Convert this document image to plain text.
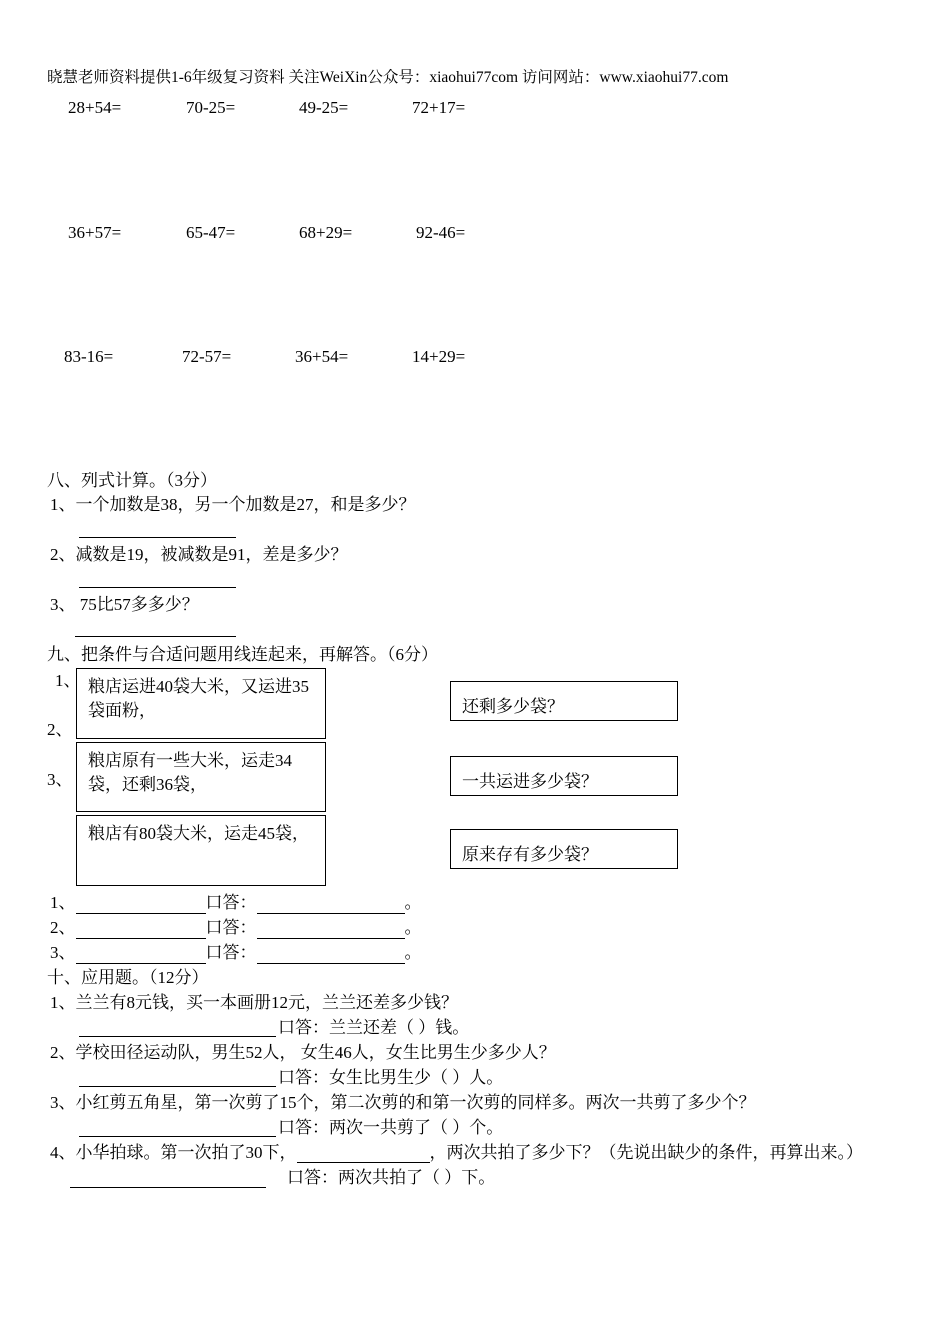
晓慧老师资料提供1-6年级复习资料 关注WeiXin公众号：xiaohui77com 访问网站：www.xiaohui77.com
28+54=	70-25=	49-25=	72+17=
36+57=	65-47=	68+29=	92-46=
83-16=	72-57=	36+54=	14+29=
八、列式计算。（3分）
1、一个加数是38，另一个加数是27，和是多少？
2、减数是19，被减数是91，差是多少？
3、 75比57多多少？
九、把条件与合适问题用线连起来，再解答。（6分）
1、
2、
3、
粮店运进40袋大米，又运进35袋面粉，
粮店原有一些大米，运走34袋，还剩36袋，
粮店有80袋大米，运走45袋，
还剩多少袋？
一共运进多少袋？
原来存有多少袋？
1、	口答：	。
2、	口答：	。
3、	口答：	。
十、应用题。（12分）
1、兰兰有8元钱，买一本画册12元，兰兰还差多少钱？
口答：兰兰还差（ ）钱。
2、学校田径运动队，男生52人， 女生46人，女生比男生少多少人？
口答：女生比男生少（ ）人。
3、小红剪五角星，第一次剪了15个，第二次剪的和第一次剪的同样多。两次一共剪了多少个？
口答：两次一共剪了（ ）个。
4、小华拍球。第一次拍了30下，	，两次共拍了多少下？（先说出缺少的条件，再算出来。）
口答：两次共拍了（ ）下。
